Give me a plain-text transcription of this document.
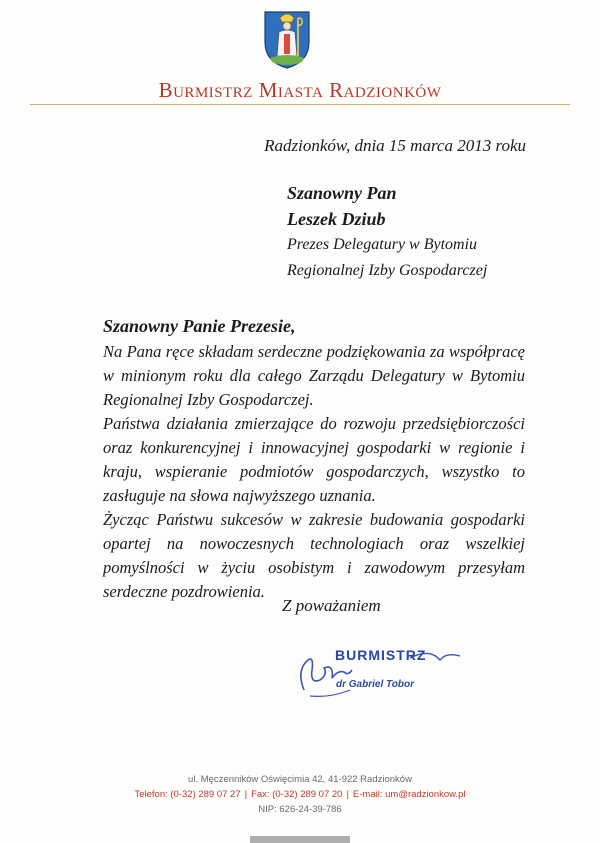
Burmistrz Miasta Radzionków
Radzionków, dnia 15 marca 2013 roku
Szanowny Pan
Leszek Dziub
Prezes Delegatury w Bytomiu
Regionalnej Izby Gospodarczej
Szanowny Panie Prezesie,

Na Pana ręce składam serdeczne podziękowania za współpracę w minionym roku dla całego Zarządu Delegatury w Bytomiu Regionalnej Izby Gospodarczej.

Państwa działania zmierzające do rozwoju przedsiębiorczości oraz konkurencyjnej i innowacyjnej gospodarki w regionie i kraju, wspieranie podmiotów gospodarczych, wszystko to zasługuje na słowa najwyższego uznania.

Życząc Państwu sukcesów w zakresie budowania gospodarki opartej na nowoczesnych technologiach oraz wszelkiej pomyślności w życiu osobistym i zawodowym przesyłam serdeczne pozdrowienia.

Z poważaniem
BURMISTRZ
dr Gabriel Tobor
ul. Męczenników Oświęcimia 42, 41-922 Radzionków
Telefon: (0-32) 289 07 27 | Fax: (0-32) 289 07 20 | E-mail: um@radzionkow.pl
NIP: 626-24-39-786
